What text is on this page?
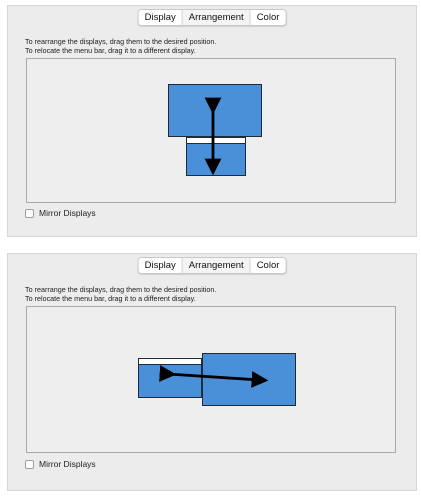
Display	Arrangement	Color
To rearrange the displays, drag them to the desired position.
To relocate the menu bar, drag it to a different display.
Mirror Displays
Display	Arrangement	Color
To rearrange the displays, drag them to the desired position.
To relocate the menu bar, drag it to a different display.
Mirror Displays
